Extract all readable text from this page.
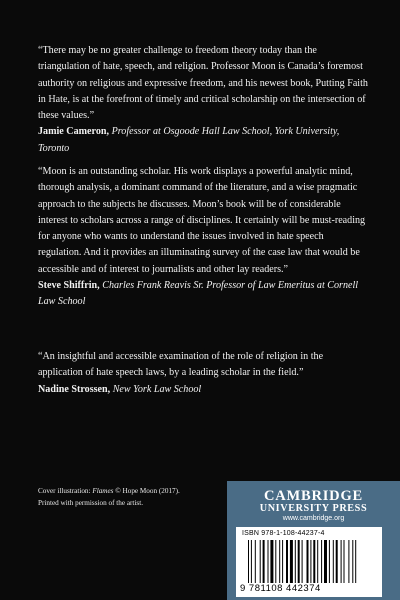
“There may be no greater challenge to freedom theory today than the triangulation of hate, speech, and religion. Professor Moon is Canada’s foremost authority on religious and expressive freedom, and his newest book, Putting Faith in Hate, is at the forefront of timely and critical scholarship on the intersection of these values.”

Jamie Cameron, Professor at Osgoode Hall Law School, York University, Toronto

“Moon is an outstanding scholar. His work displays a powerful analytic mind, thorough analysis, a dominant command of the literature, and a wise pragmatic approach to the subjects he discusses. Moon’s book will be of considerable interest to scholars across a range of disciplines. It certainly will be must-reading for anyone who wants to understand the issues involved in hate speech regulation. And it provides an illuminating survey of the case law that would be accessible and of interest to journalists and other lay readers.”

Steve Shiffrin, Charles Frank Reavis Sr. Professor of Law Emeritus at Cornell Law School

“An insightful and accessible examination of the role of religion in the application of hate speech laws, by a leading scholar in the field.”

Nadine Strossen, New York Law School

Cover illustration: Flames © Hope Moon (2017).
Printed with permission of the artist.	CAMBRIDGE
UNIVERSITY PRESS
www.cambridge.org
ISBN 978-1-108-44237-4
9 781108 442374
